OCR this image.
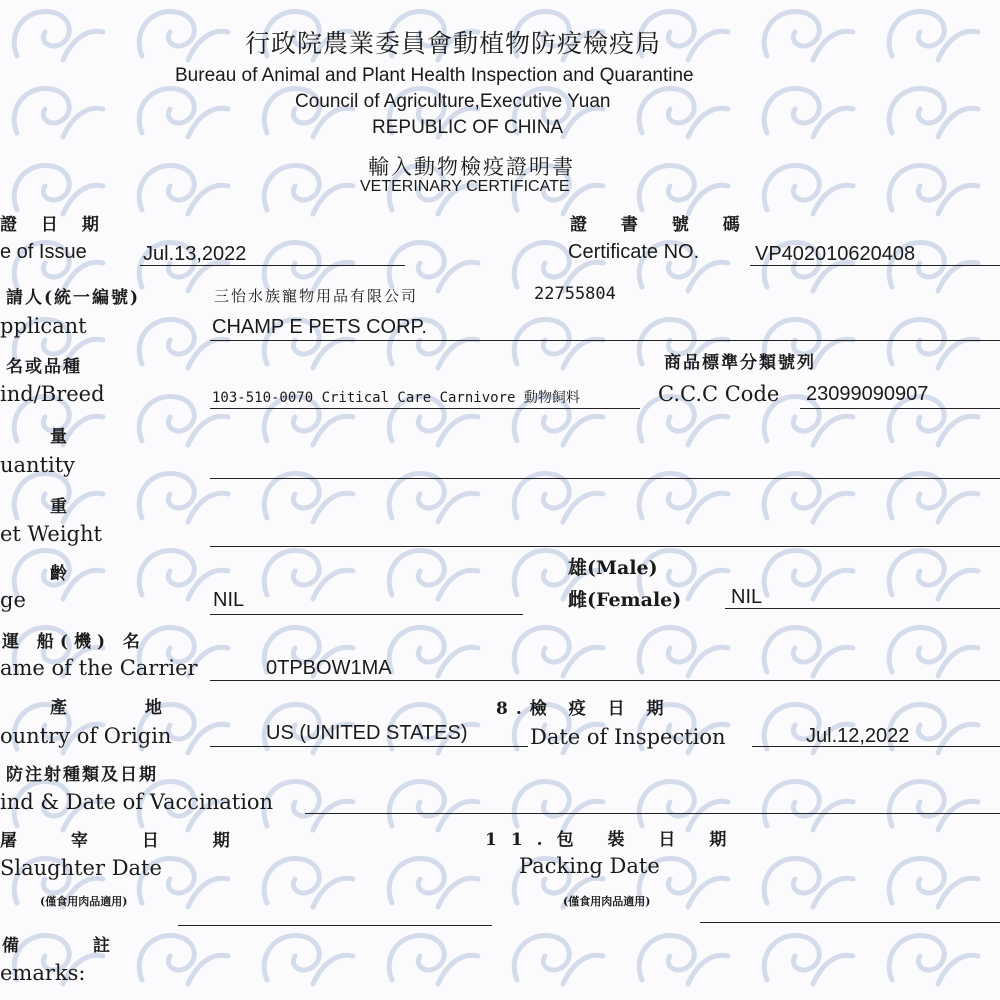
行政院農業委員會動植物防疫檢疫局
Bureau of Animal and Plant Health Inspection and Quarantine
Council of Agriculture,Executive Yuan
REPUBLIC OF CHINA
輸入動物檢疫證明書
VETERINARY CERTIFICATE
證 日 期
e of Issue	Jul.13,2022
證 書 號 碼
Certificate NO.	VP402010620408
請人(統一編號)	三怡水族寵物用品有限公司	22755804
pplicant	CHAMP E PETS CORP.
名或品種
ind/Breed	103-510-0070 Critical Care Carnivore 動物飼料
商品標準分類號列
C.C.C Code 23099090907
量
uantity
重
et Weight
齡
ge	NIL
雄(Male)
雌(Female) NIL
運 船(機) 名
ame of the Carrier	0TPBOW1MA
產 地
ountry of Origin	US (UNITED STATES)
8.檢 疫 日 期
Date of Inspection	Jul.12,2022
防注射種類及日期
ind & Date of Vaccination
屠 宰 日 期
Slaughter Date
(僅食用肉品適用)
11.包 裝 日 期
Packing Date
(僅食用肉品適用)
備 註
emarks:
